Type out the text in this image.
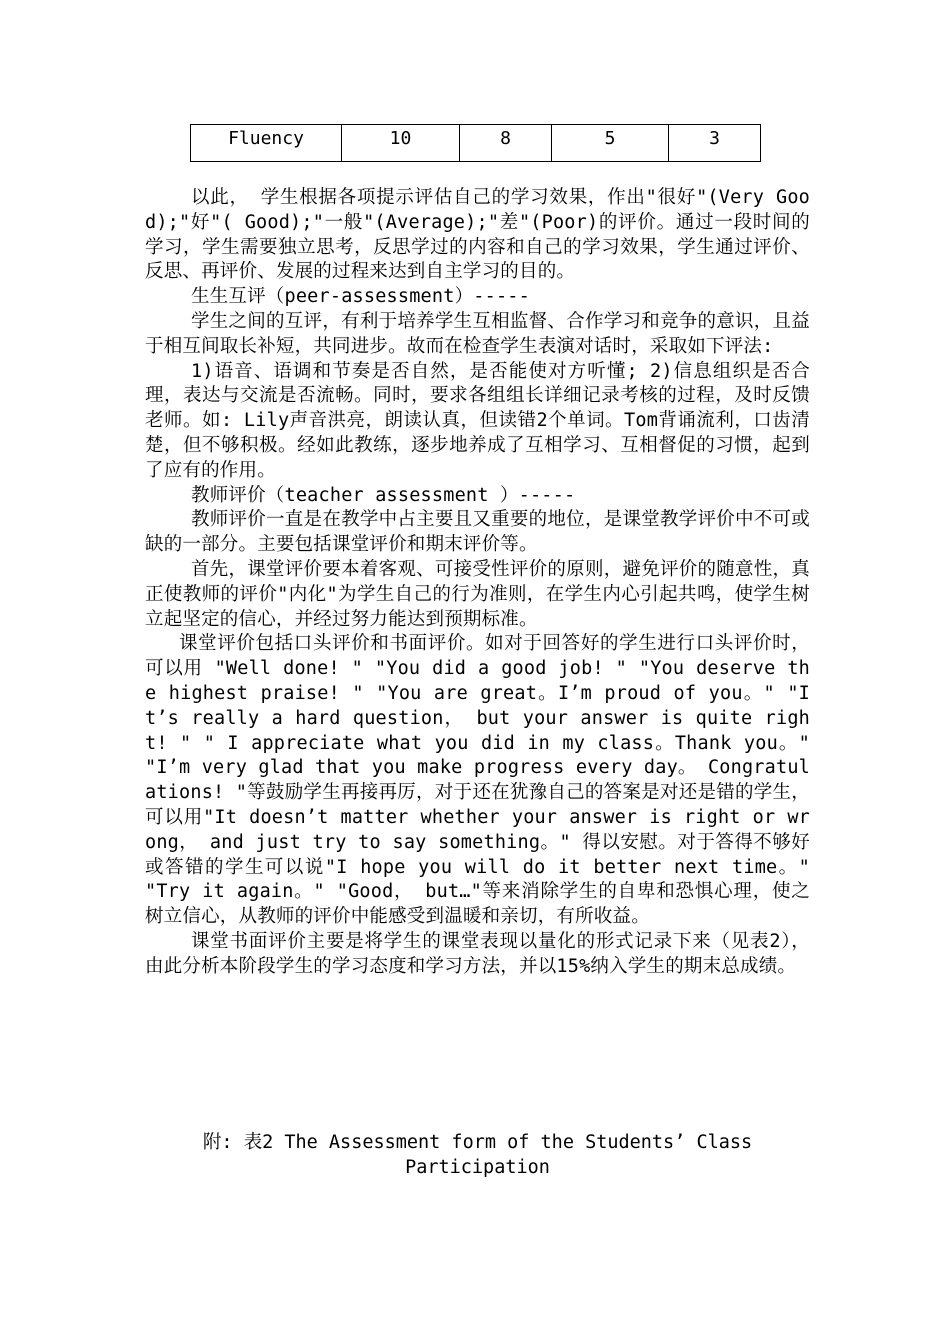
Fluency	10	8	5	3

以此， 学生根据各项提示评估自己的学习效果，作出"很好"(Very Good);"好"( Good);"一般"(Average);"差"(Poor)的评价。通过一段时间的学习，学生需要独立思考，反思学过的内容和自己的学习效果，学生通过评价、反思、再评价、发展的过程来达到自主学习的目的。

生生互评（peer-assessment）-----

学生之间的互评，有利于培养学生互相监督、合作学习和竞争的意识，且益于相互间取长补短，共同进步。故而在检查学生表演对话时，采取如下评法:

1)语音、语调和节奏是否自然，是否能使对方听懂; 2)信息组织是否合理，表达与交流是否流畅。同时，要求各组组长详细记录考核的过程，及时反馈老师。如: Lily声音洪亮，朗读认真，但读错2个单词。Tom背诵流利，口齿清楚，但不够积极。经如此教练，逐步地养成了互相学习、互相督促的习惯，起到了应有的作用。

教师评价（teacher assessment ）-----

教师评价一直是在教学中占主要且又重要的地位，是课堂教学评价中不可或缺的一部分。主要包括课堂评价和期末评价等。

首先，课堂评价要本着客观、可接受性评价的原则，避免评价的随意性，真正使教师的评价"内化"为学生自己的行为准则，在学生内心引起共鸣，使学生树立起坚定的信心，并经过努力能达到预期标准。

课堂评价包括口头评价和书面评价。如对于回答好的学生进行口头评价时，可以用 "Well done! " "You did a good job! " "You deserve the highest praise! " "You are great。I’m proud of you。" "It’s really a hard question， but your answer is quite right! " " I appreciate what you did in my class。Thank you。" "I’m very glad that you make progress every day。 Congratulations! "等鼓励学生再接再厉，对于还在犹豫自己的答案是对还是错的学生，可以用"It doesn’t matter whether your answer is right or wrong， and just try to say something。" 得以安慰。对于答得不够好或答错的学生可以说"I hope you will do it better next time。" "Try it again。" "Good， but…"等来消除学生的自卑和恐惧心理，使之树立信心，从教师的评价中能感受到温暖和亲切，有所收益。

课堂书面评价主要是将学生的课堂表现以量化的形式记录下来（见表2），由此分析本阶段学生的学习态度和学习方法，并以15%纳入学生的期末总成绩。

附: 表2 The Assessment form of the Students’ Class Participation
